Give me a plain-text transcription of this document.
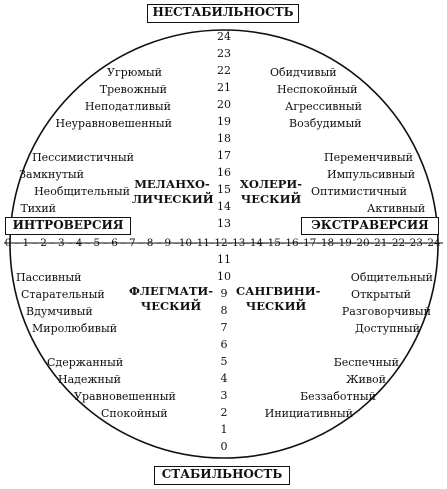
НЕСТАБИЛЬНОСТЬ
СТАБИЛЬНОСТЬ
ИНТРОВЕРСИЯ	ЭКСТРАВЕРСИЯ
МЕЛАНХО-
ЛИЧЕСКИЙ
ХОЛЕРИ-
ЧЕСКИЙ
ФЛЕГМАТИ-
ЧЕСКИЙ
САНГВИНИ-
ЧЕСКИЙ
Угрюмый
Тревожный
Неподатливый
Неуравновешенный
Пессимистичный
Замкнутый
Необщительный
Тихий
Обидчивый
Неспокойный
Агрессивный
Возбудимый
Переменчивый
Импульсивный
Оптимистичный
Активный
Пассивный
Старательный
Вдумчивый
Миролюбивый
Сдержанный
Надежный
Уравновешенный
Спокойный
Общительный
Открытый
Разговорчивый
Доступный
Беспечный
Живой
Беззаботный
Инициативный
24
23
22
21
20
19
18
17
16
15
14
13
11
10
9
8
7
6
5
4
3
2
1
0
0 – 1 – 2 – 3 – 4 – 5 – 6 – 7 – 8 – 9 – 10 – 11 – 12 – 13 – 14 – 15 – 16 – 17 – 18 – 19 – 20 – 21 – 22 – 23 – 24
